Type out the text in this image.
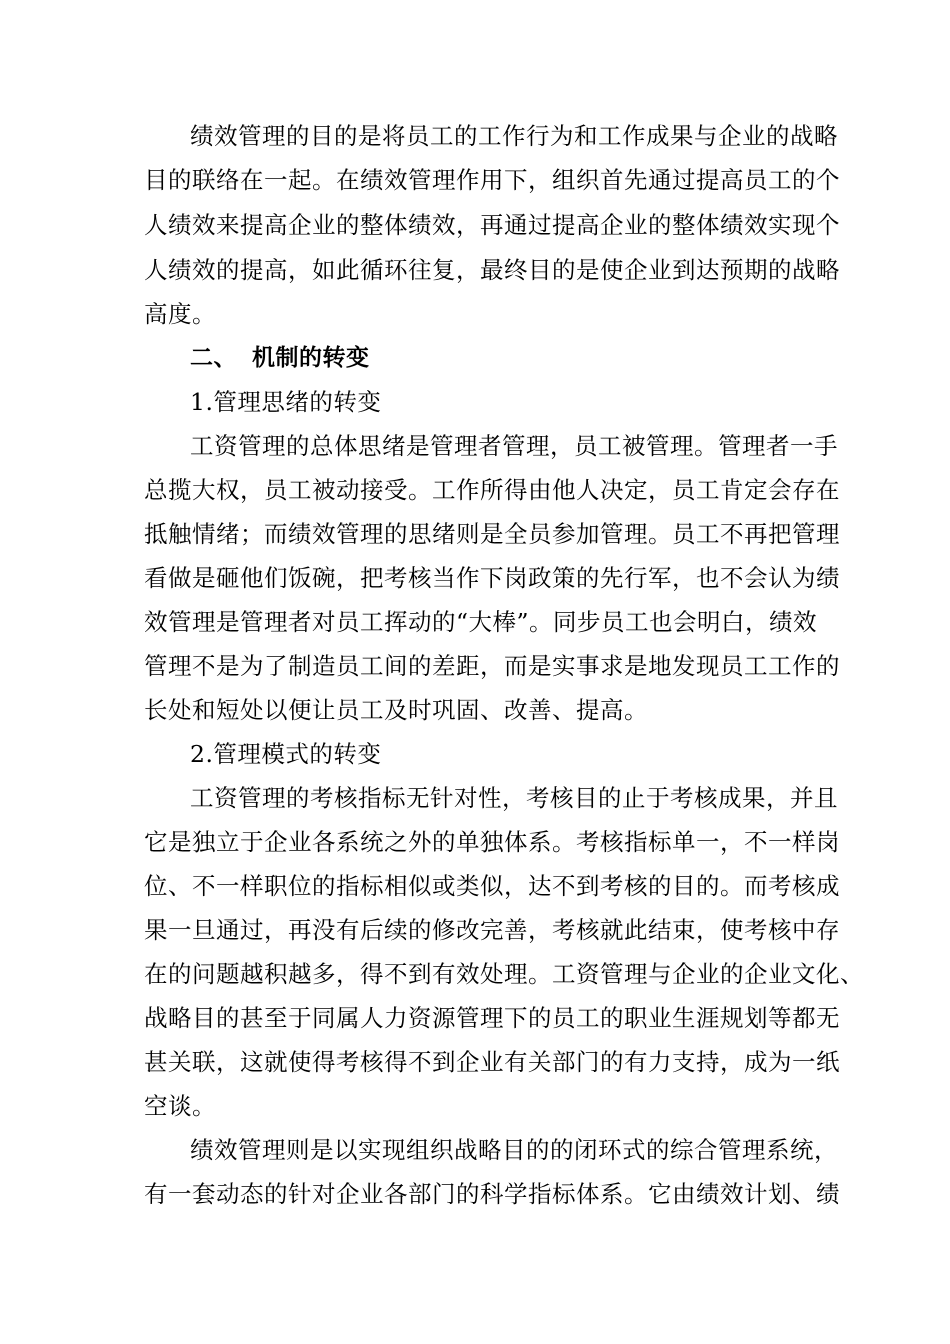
绩效管理的目的是将员工的工作行为和工作成果与企业的战略
目的联络在一起。在绩效管理作用下，组织首先通过提高员工的个
人绩效来提高企业的整体绩效，再通过提高企业的整体绩效实现个
人绩效的提高，如此循环往复，最终目的是使企业到达预期的战略
高度。
二、 机制的转变
1.管理思绪的转变
工资管理的总体思绪是管理者管理，员工被管理。管理者一手
总揽大权，员工被动接受。工作所得由他人决定，员工肯定会存在
抵触情绪；而绩效管理的思绪则是全员参加管理。员工不再把管理
看做是砸他们饭碗，把考核当作下岗政策的先行军，也不会认为绩
效管理是管理者对员工挥动的“大棒”。同步员工也会明白，绩效
管理不是为了制造员工间的差距，而是实事求是地发现员工工作的
长处和短处以便让员工及时巩固、改善、提高。
2.管理模式的转变
工资管理的考核指标无针对性，考核目的止于考核成果，并且
它是独立于企业各系统之外的单独体系。考核指标单一，不一样岗
位、不一样职位的指标相似或类似，达不到考核的目的。而考核成
果一旦通过，再没有后续的修改完善，考核就此结束，使考核中存
在的问题越积越多，得不到有效处理。工资管理与企业的企业文化、
战略目的甚至于同属人力资源管理下的员工的职业生涯规划等都无
甚关联，这就使得考核得不到企业有关部门的有力支持，成为一纸
空谈。
绩效管理则是以实现组织战略目的的闭环式的综合管理系统，
有一套动态的针对企业各部门的科学指标体系。它由绩效计划、绩
